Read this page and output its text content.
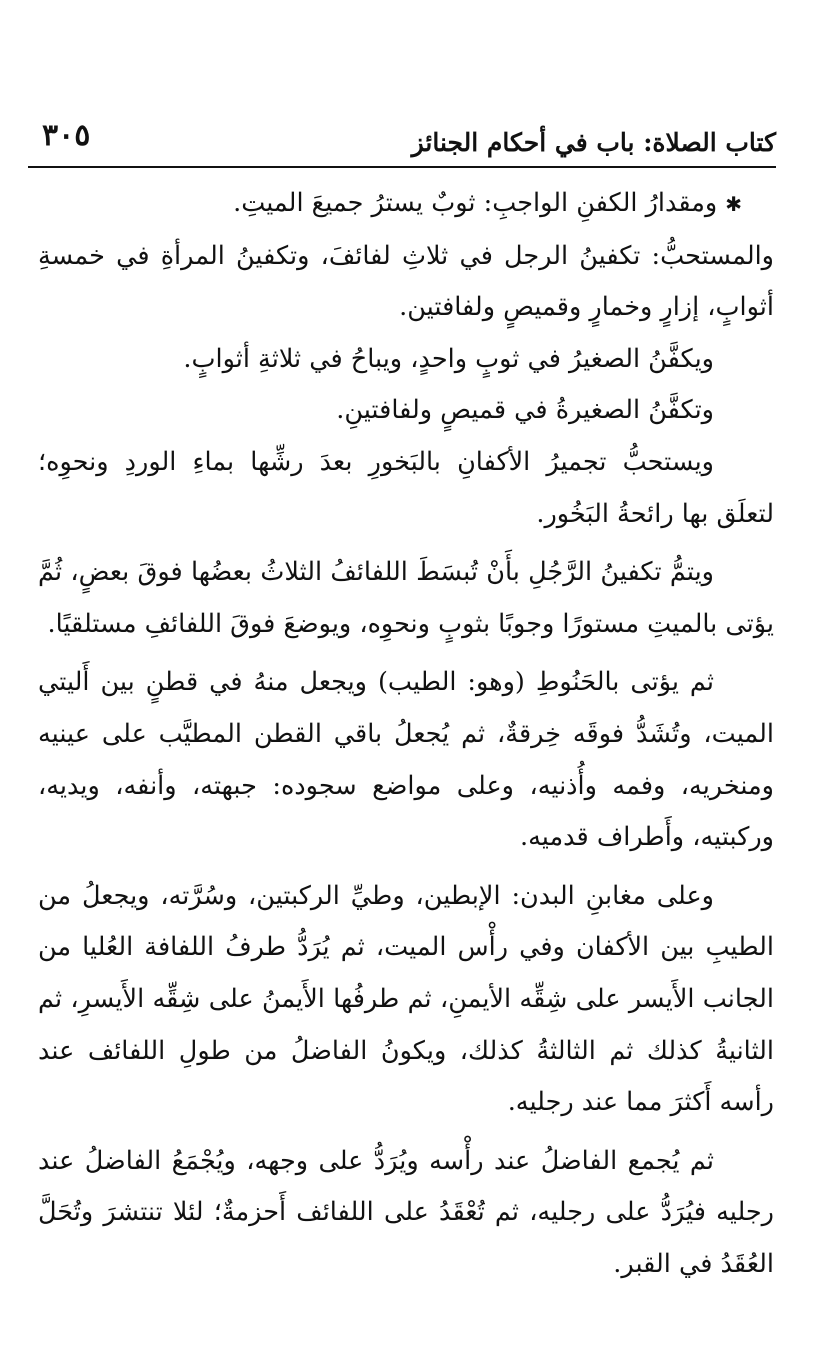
كتاب الصلاة: باب في أحكام الجنائز
٣٠٥

✱ومقدارُ الكفنِ الواجبِ: ثوبٌ يسترُ جميعَ الميتِ.

والمستحبُّ: تكفينُ الرجل في ثلاثِ لفائفَ، وتكفينُ المرأةِ في خمسةِ أثوابٍ، إزارٍ وخمارٍ وقميصٍ ولفافتين.

ويكفَّنُ الصغيرُ في ثوبٍ واحدٍ، ويباحُ في ثلاثةِ أثوابٍ.

وتكفَّنُ الصغيرةُ في قميصٍ ولفافتينِ.

ويستحبُّ تجميرُ الأكفانِ بالبَخورِ بعدَ رشِّها بماءِ الوردِ ونحوِه؛ لتعلَق بها رائحةُ البَخُور.

ويتمُّ تكفينُ الرَّجُلِ بأَنْ تُبسَطَ اللفائفُ الثلاثُ بعضُها فوقَ بعضٍ، ثُمَّ يؤتى بالميتِ مستورًا وجوبًا بثوبٍ ونحوِه، ويوضعَ فوقَ اللفائفِ مستلقيًا.

ثم يؤتى بالحَنُوطِ (وهو: الطيب) ويجعل منهُ في قطنٍ بين أَليتي الميت، وتُشَدُّ فوقَه خِرقةٌ، ثم يُجعلُ باقي القطن المطيَّب على عينيه ومنخريه، وفمه وأُذنيه، وعلى مواضع سجوده: جبهته، وأنفه، ويديه، وركبتيه، وأَطراف قدميه.

وعلى مغابنِ البدن: الإبطين، وطيِّ الركبتين، وسُرَّته، ويجعلُ من الطيبِ بين الأكفان وفي رأْس الميت، ثم يُرَدُّ طرفُ اللفافة العُليا من الجانب الأَيسر على شِقِّه الأيمنِ، ثم طرفُها الأَيمنُ على شِقِّه الأَيسرِ، ثم الثانيةُ كذلك ثم الثالثةُ كذلك، ويكونُ الفاضلُ من طولِ اللفائف عند رأسه أَكثرَ مما عند رجليه.

ثم يُجمع الفاضلُ عند رأْسه ويُرَدُّ على وجهه، ويُجْمَعُ الفاضلُ عند رجليه فيُرَدُّ على رجليه، ثم تُعْقَدُ على اللفائف أَحزمةٌ؛ لئلا تنتشرَ وتُحَلَّ العُقَدُ في القبر.
